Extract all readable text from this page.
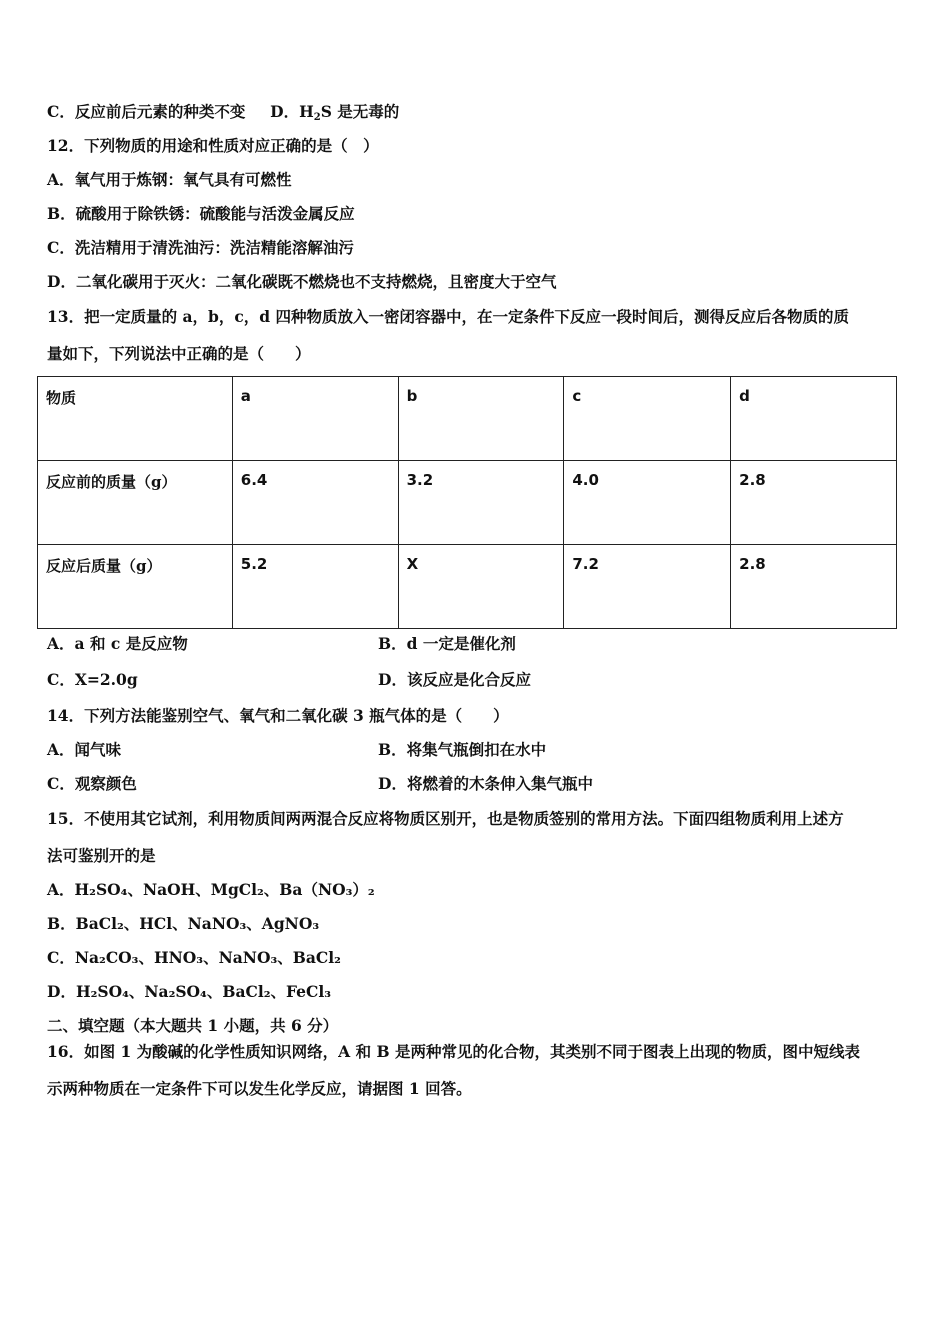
C．反应前后元素的种类不变 D．$H_2S$ 是无毒的
12．下列物质的用途和性质对应正确的是（　）
A．氧气用于炼钢：氧气具有可燃性
B．硫酸用于除铁锈：硫酸能与活泼金属反应
C．洗洁精用于清洗油污：洗洁精能溶解油污
D．二氧化碳用于灭火：二氧化碳既不燃烧也不支持燃烧，且密度大于空气
13．把一定质量的 a，b，c，d 四种物质放入一密闭容器中，在一定条件下反应一段时间后，测得反应后各物质的质
量如下，下列说法中正确的是（　　）
物质	a	b	c	d
反应前的质量（g）	6.4	3.2	4.0	2.8
反应后质量（g）	5.2	X	7.2	2.8
A．a 和 c 是反应物	B．d 一定是催化剂
C．X=2.0g	D．该反应是化合反应
14．下列方法能鉴别空气、氧气和二氧化碳 3 瓶气体的是（　　）
A．闻气味	B．将集气瓶倒扣在水中
C．观察颜色	D．将燃着的木条伸入集气瓶中
15．不使用其它试剂，利用物质间两两混合反应将物质区别开，也是物质签别的常用方法。下面四组物质利用上述方
法可鉴别开的是
A．H₂SO₄、NaOH、MgCl₂、Ba（NO₃）₂
B．BaCl₂、HCl、NaNO₃、AgNO₃
C．Na₂CO₃、HNO₃、NaNO₃、BaCl₂
D．H₂SO₄、Na₂SO₄、BaCl₂、FeCl₃
二、填空题（本大题共 1 小题，共 6 分）
16．如图 1 为酸碱的化学性质知识网络，A 和 B 是两种常见的化合物，其类别不同于图表上出现的物质，图中短线表
示两种物质在一定条件下可以发生化学反应，请据图 1 回答。
